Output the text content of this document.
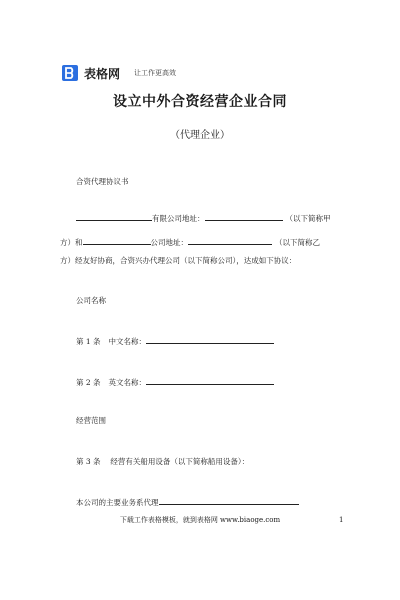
表格网 让工作更高效
设立中外合资经营企业合同
（代理企业）
合资代理协议书
有限公司地址：	（以下简称甲
方）和	公司地址：	（以下简称乙
方）经友好协商，合资兴办代理公司（以下简称公司），达成如下协议：
公司名称
第 1 条 中文名称：
第 2 条 英文名称：
经营范围
第 3 条　 经营有关船用设备（以下简称船用设备）：
本公司的主要业务系代理
下载工作表格模板，就到表格网 www.biaoge.com	1
